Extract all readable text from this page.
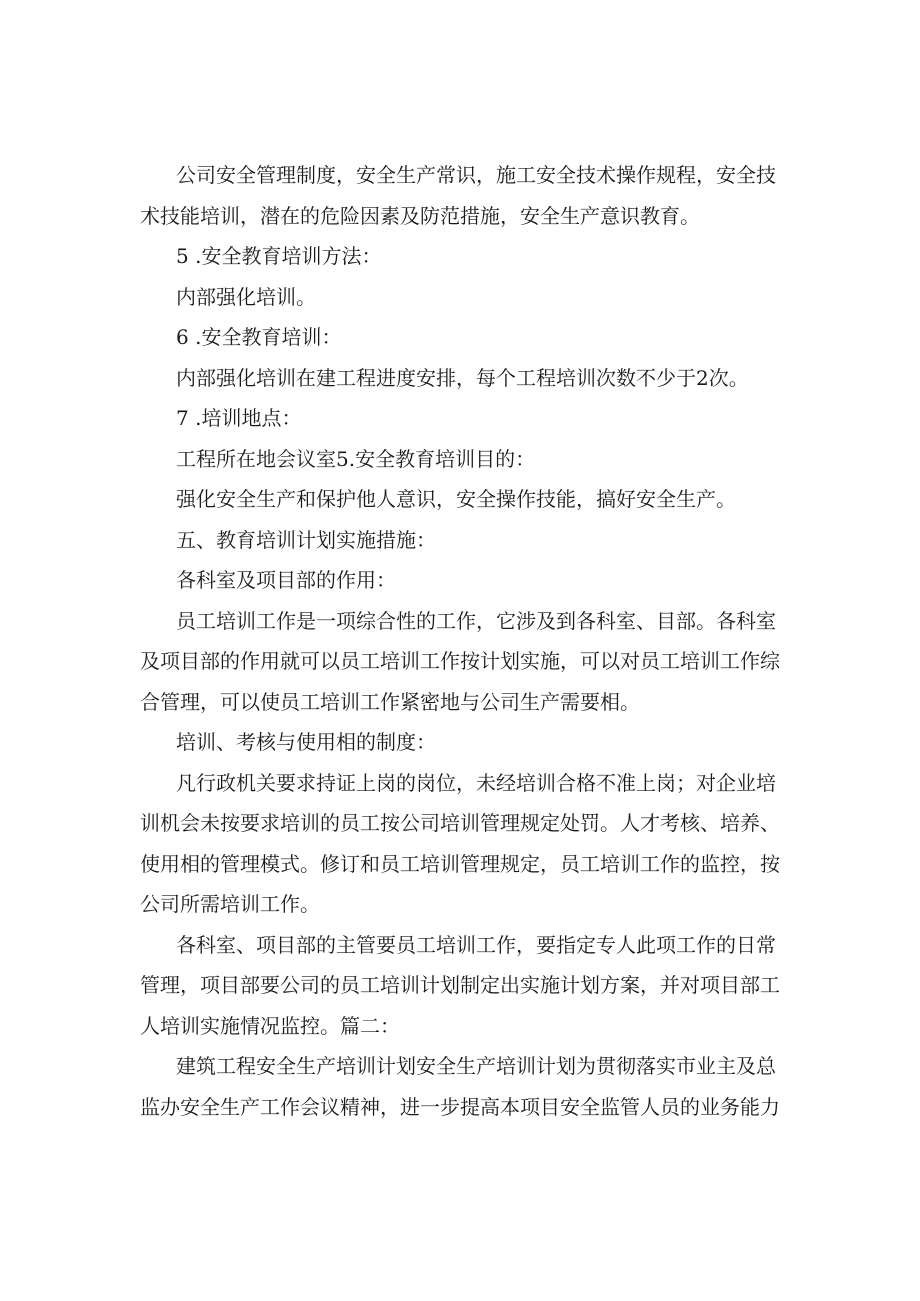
公司安全管理制度，安全生产常识，施工安全技术操作规程，安全技
术技能培训，潜在的危险因素及防范措施，安全生产意识教育。
5 .安全教育培训方法：
内部强化培训。
6 .安全教育培训：
内部强化培训在建工程进度安排，每个工程培训次数不少于2次。
7 .培训地点：
工程所在地会议室5.安全教育培训目的：
强化安全生产和保护他人意识，安全操作技能，搞好安全生产。
五、教育培训计划实施措施：
各科室及项目部的作用：
员工培训工作是一项综合性的工作，它涉及到各科室、目部。各科室
及项目部的作用就可以员工培训工作按计划实施，可以对员工培训工作综
合管理，可以使员工培训工作紧密地与公司生产需要相。
培训、考核与使用相的制度：
凡行政机关要求持证上岗的岗位，未经培训合格不准上岗；对企业培
训机会未按要求培训的员工按公司培训管理规定处罚。人才考核、培养、
使用相的管理模式。修订和员工培训管理规定，员工培训工作的监控，按
公司所需培训工作。
各科室、项目部的主管要员工培训工作，要指定专人此项工作的日常
管理，项目部要公司的员工培训计划制定出实施计划方案，并对项目部工
人培训实施情况监控。篇二：
建筑工程安全生产培训计划安全生产培训计划为贯彻落实市业主及总
监办安全生产工作会议精神，进一步提高本项目安全监管人员的业务能力
